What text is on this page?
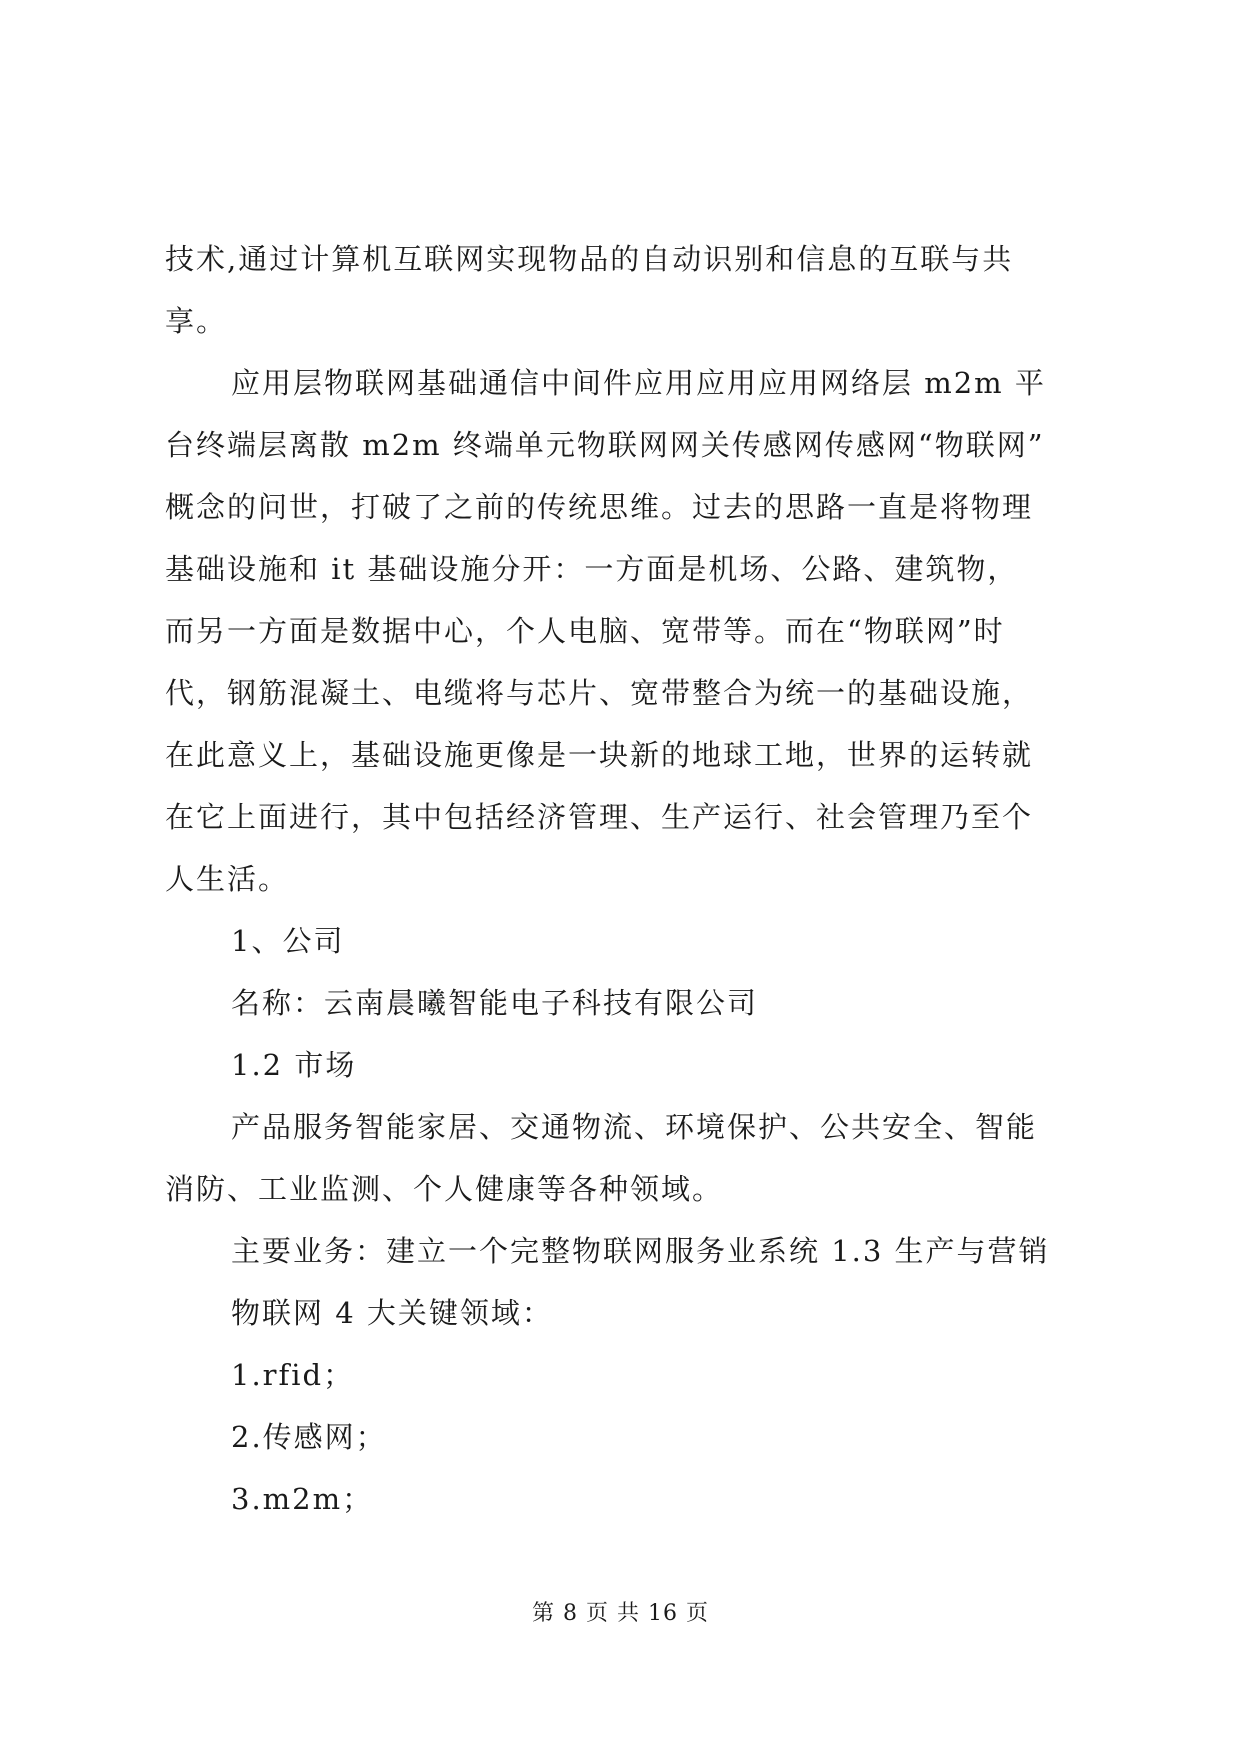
技术,通过计算机互联网实现物品的自动识别和信息的互联与共
享。
应用层物联网基础通信中间件应用应用应用网络层 m2m 平
台终端层离散 m2m 终端单元物联网网关传感网传感网“物联网”
概念的问世，打破了之前的传统思维。过去的思路一直是将物理
基础设施和 it 基础设施分开：一方面是机场、公路、建筑物，
而另一方面是数据中心，个人电脑、宽带等。而在“物联网”时
代，钢筋混凝土、电缆将与芯片、宽带整合为统一的基础设施，
在此意义上，基础设施更像是一块新的地球工地，世界的运转就
在它上面进行，其中包括经济管理、生产运行、社会管理乃至个
人生活。
1、公司
名称：云南晨曦智能电子科技有限公司
1.2 市场
产品服务智能家居、交通物流、环境保护、公共安全、智能
消防、工业监测、个人健康等各种领域。
主要业务：建立一个完整物联网服务业系统 1.3 生产与营销
物联网 4 大关键领域：
1.rfid；
2.传感网；
3.m2m；
第 8 页 共 16 页
